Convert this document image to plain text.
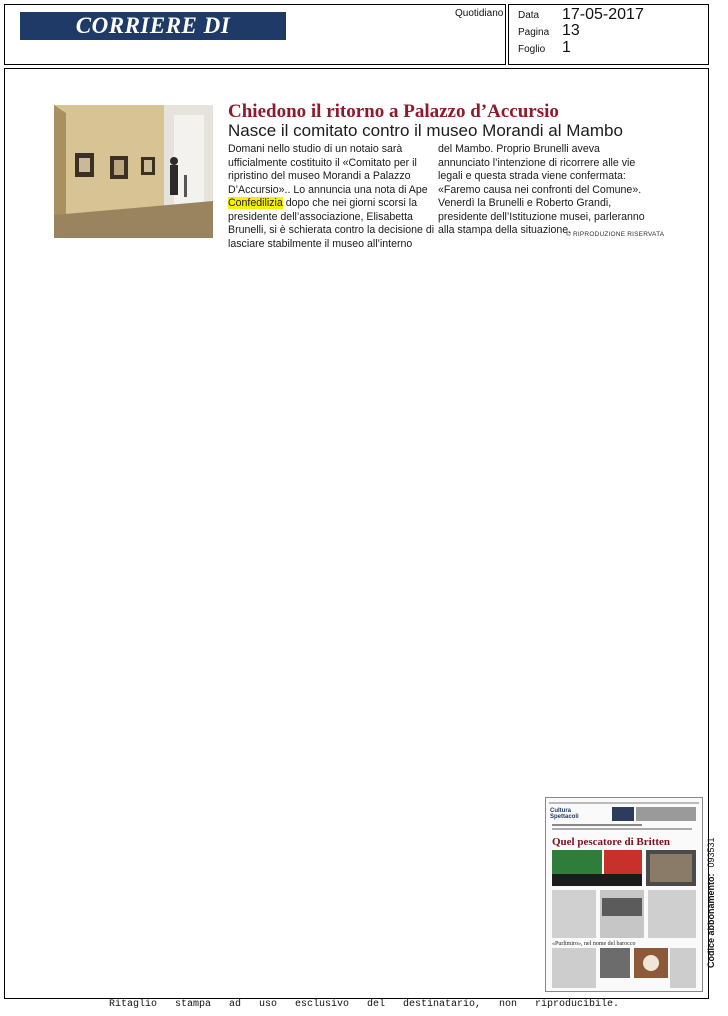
CORRIERE DI BOLOGNA
Quotidiano Data 17-05-2017
Pagina 13
Foglio 1
Chiedono il ritorno a Palazzo d’Accursio
Nasce il comitato contro il museo Morandi al Mambo
Domani nello studio di un notaio sarà ufficialmente costituito il «Comitato per il ripristino del museo Morandi a Palazzo D’Accursio».. Lo annuncia una nota di Ape Confedilizia dopo che nei giorni scorsi la presidente dell’associazione, Elisabetta Brunelli, si è schierata contro la decisione di lasciare stabilmente il museo all’interno
del Mambo. Proprio Brunelli aveva annunciato l’intenzione di ricorrere alle vie legali e questa strada viene confermata: «Faremo causa nei confronti del Comune». Venerdì la Brunelli e Roberto Grandi, presidente dell’Istituzione musei, parleranno alla stampa della situazione.
© RIPRODUZIONE RISERVATA
Cultura
Spettacoli
Quel pescatore di Britten
«Purlimiro», nel nome del barocco	Codice abbonamento:093531
Ritaglio stampa ad uso esclusivo del destinatario, non riproducibile.
